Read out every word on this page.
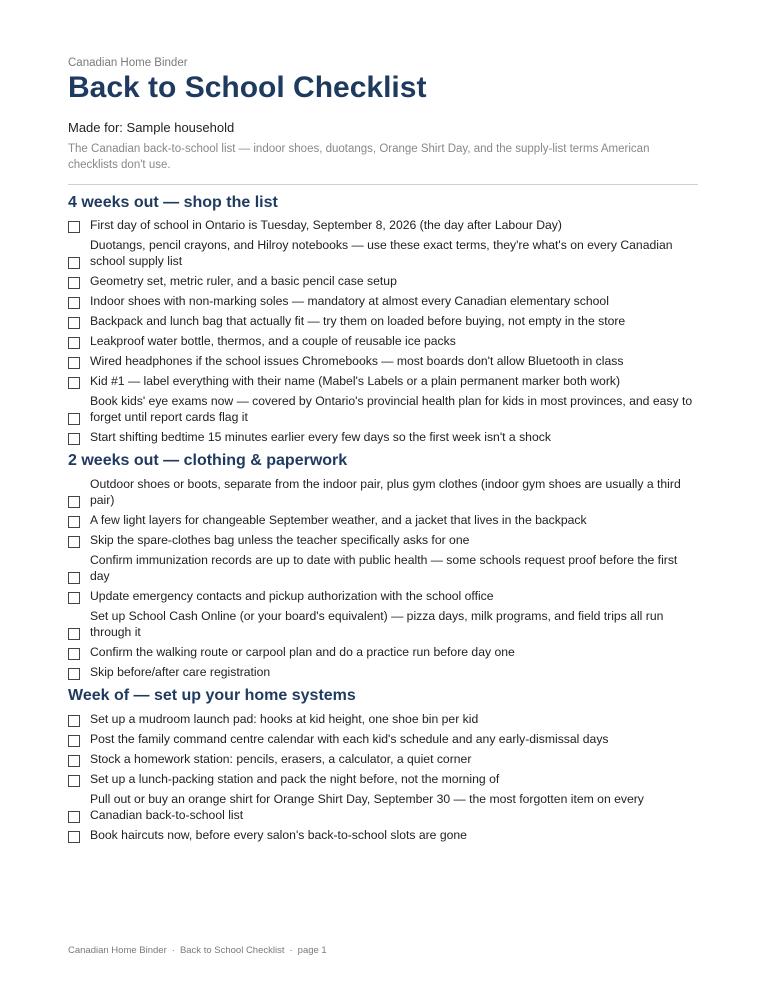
Canadian Home Binder
Back to School Checklist
Made for: Sample household
The Canadian back-to-school list — indoor shoes, duotangs, Orange Shirt Day, and the supply-list terms American checklists don't use.
4 weeks out — shop the list
First day of school in Ontario is Tuesday, September 8, 2026 (the day after Labour Day)
Duotangs, pencil crayons, and Hilroy notebooks — use these exact terms, they're what's on every Canadian school supply list
Geometry set, metric ruler, and a basic pencil case setup
Indoor shoes with non-marking soles — mandatory at almost every Canadian elementary school
Backpack and lunch bag that actually fit — try them on loaded before buying, not empty in the store
Leakproof water bottle, thermos, and a couple of reusable ice packs
Wired headphones if the school issues Chromebooks — most boards don't allow Bluetooth in class
Kid #1 — label everything with their name (Mabel's Labels or a plain permanent marker both work)
Book kids' eye exams now — covered by Ontario's provincial health plan for kids in most provinces, and easy to forget until report cards flag it
Start shifting bedtime 15 minutes earlier every few days so the first week isn't a shock
2 weeks out — clothing & paperwork
Outdoor shoes or boots, separate from the indoor pair, plus gym clothes (indoor gym shoes are usually a third pair)
A few light layers for changeable September weather, and a jacket that lives in the backpack
Skip the spare-clothes bag unless the teacher specifically asks for one
Confirm immunization records are up to date with public health — some schools request proof before the first day
Update emergency contacts and pickup authorization with the school office
Set up School Cash Online (or your board's equivalent) — pizza days, milk programs, and field trips all run through it
Confirm the walking route or carpool plan and do a practice run before day one
Skip before/after care registration
Week of — set up your home systems
Set up a mudroom launch pad: hooks at kid height, one shoe bin per kid
Post the family command centre calendar with each kid's schedule and any early-dismissal days
Stock a homework station: pencils, erasers, a calculator, a quiet corner
Set up a lunch-packing station and pack the night before, not the morning of
Pull out or buy an orange shirt for Orange Shirt Day, September 30 — the most forgotten item on every Canadian back-to-school list
Book haircuts now, before every salon's back-to-school slots are gone
Canadian Home Binder · Back to School Checklist · page 1
